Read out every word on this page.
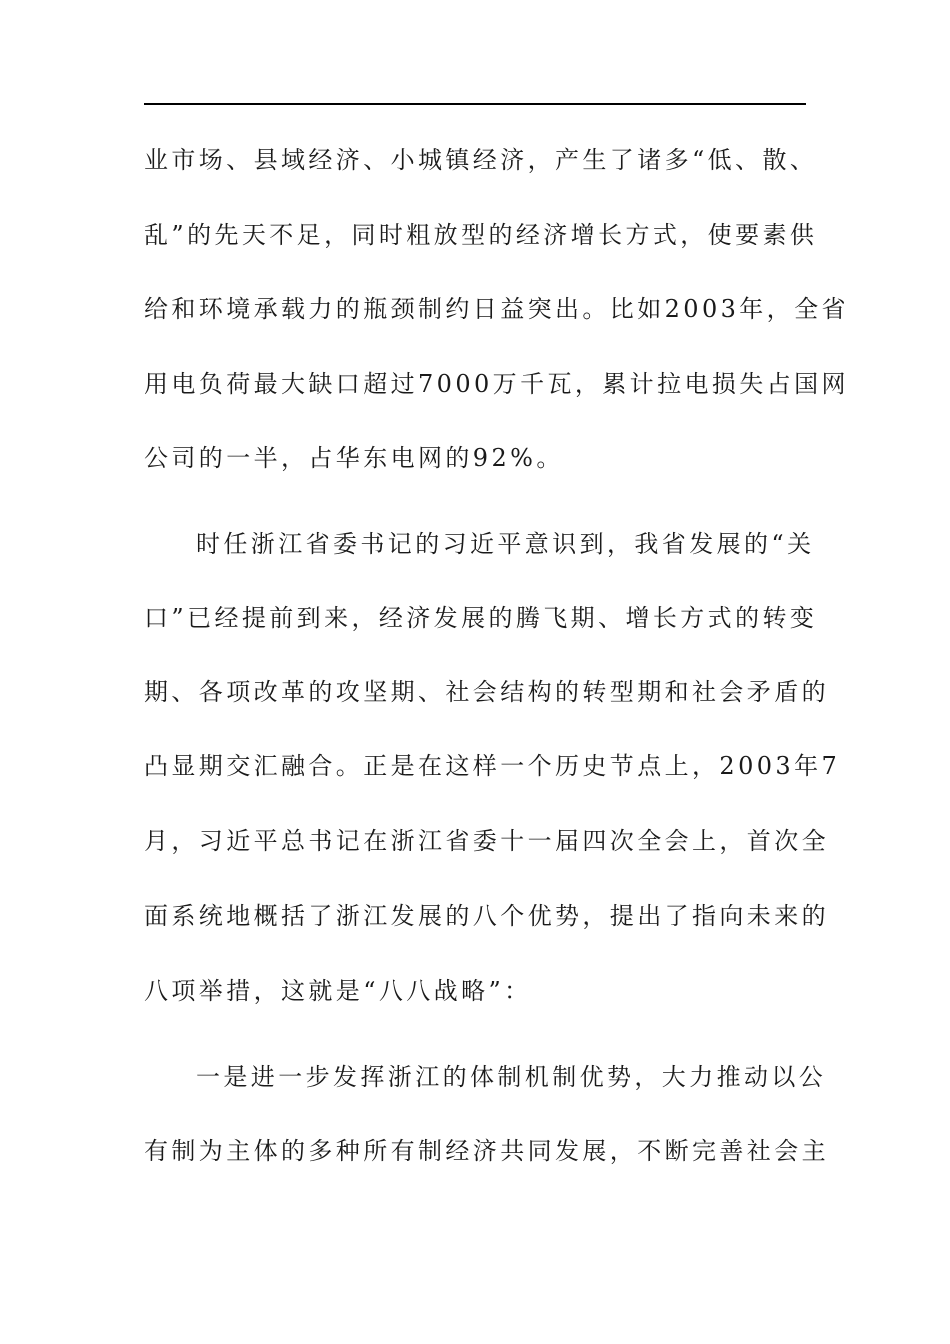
业市场、县域经济、小城镇经济，产生了诸多“低、散、
乱”的先天不足，同时粗放型的经济增长方式，使要素供
给和环境承载力的瓶颈制约日益突出。比如2003年，全省
用电负荷最大缺口超过7000万千瓦，累计拉电损失占国网
公司的一半，占华东电网的92%。
时任浙江省委书记的习近平意识到，我省发展的“关
口”已经提前到来，经济发展的腾飞期、增长方式的转变
期、各项改革的攻坚期、社会结构的转型期和社会矛盾的
凸显期交汇融合。正是在这样一个历史节点上，2003年7
月，习近平总书记在浙江省委十一届四次全会上，首次全
面系统地概括了浙江发展的八个优势，提出了指向未来的
八项举措，这就是“八八战略”：
一是进一步发挥浙江的体制机制优势，大力推动以公
有制为主体的多种所有制经济共同发展，不断完善社会主
